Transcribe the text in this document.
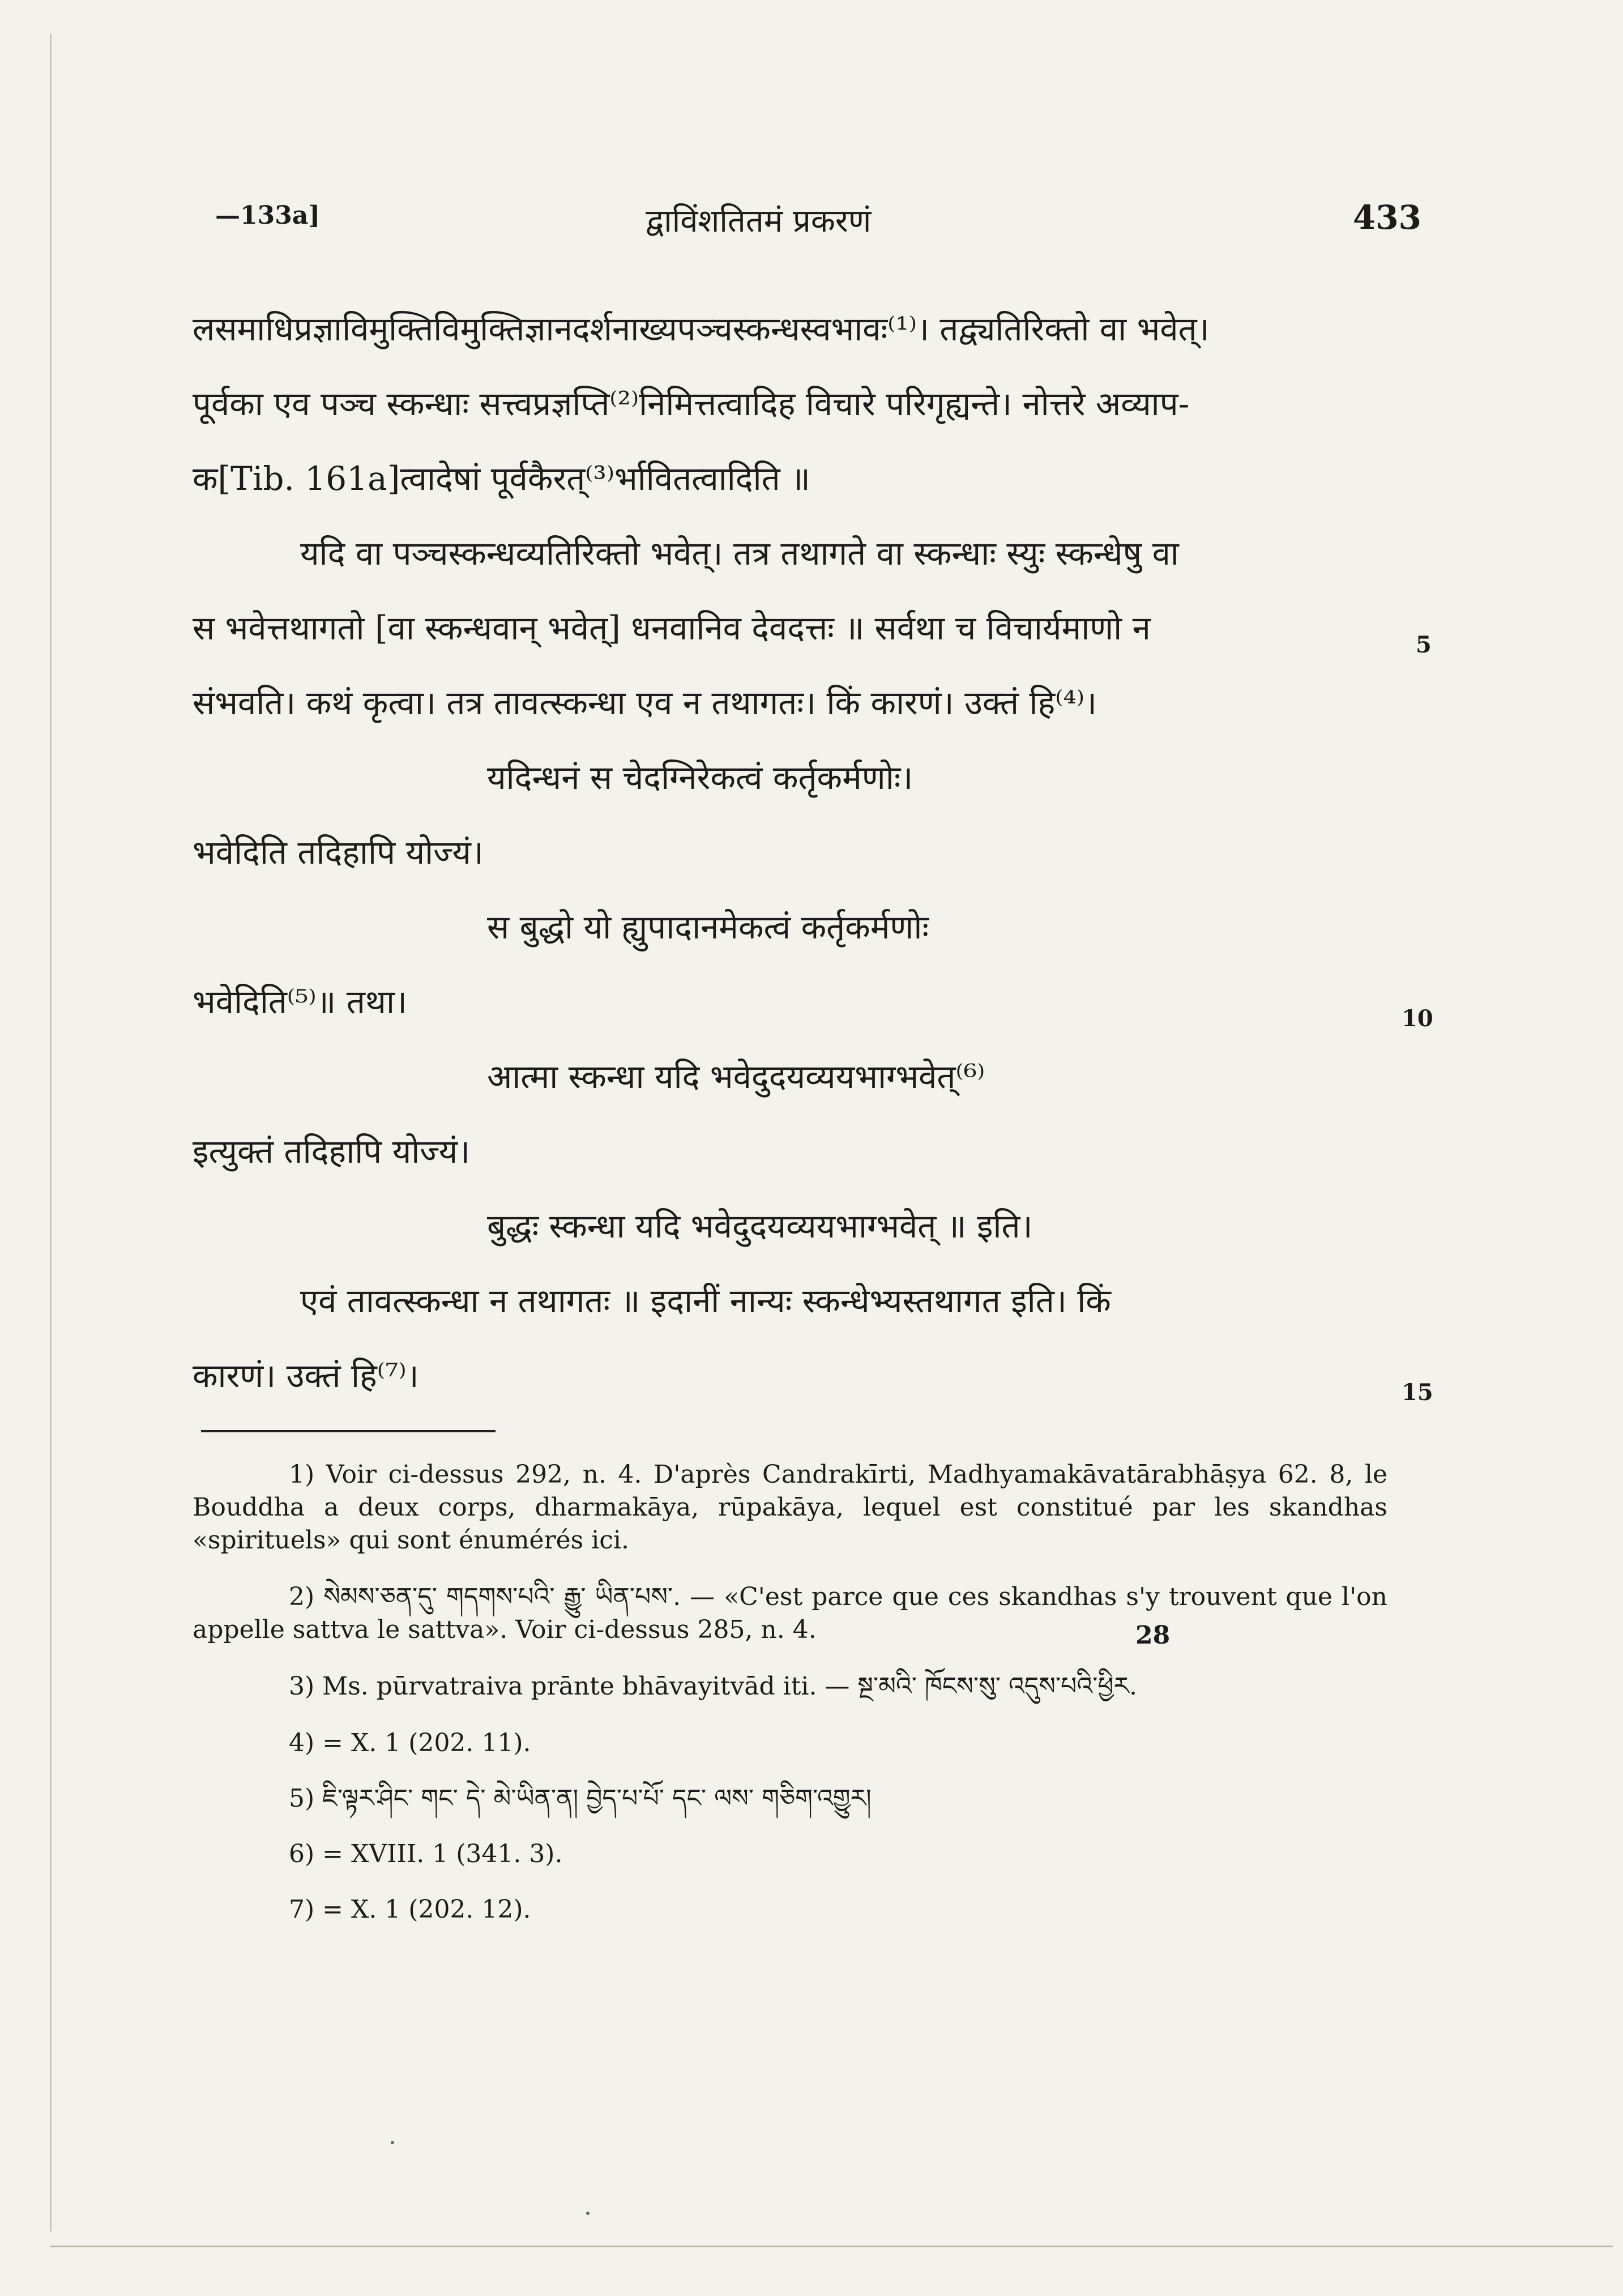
—133a]	द्वाविंशतितमं प्रकरणं	433
लसमाधिप्रज्ञाविमुक्तिविमुक्तिज्ञानदर्शनाख्यपञ्चस्कन्धस्वभावः⁽¹⁾। तद्व्यतिरिक्तो वा भवेत्।
पूर्वका एव पञ्च स्कन्धाः सत्त्वप्रज्ञप्ति⁽²⁾निमित्तत्वादिह विचारे परिगृह्यन्ते। नोत्तरे अव्याप-
क[Tib. 161a]त्वादेषां पूर्वकैरत्⁽³⁾र्भावितत्वादिति ॥
यदि वा पञ्चस्कन्धव्यतिरिक्तो भवेत्। तत्र तथागते वा स्कन्धाः स्युः स्कन्धेषु वा
स भवेत्तथागतो [वा स्कन्धवान् भवेत्] धनवानिव देवदत्तः ॥ सर्वथा च विचार्यमाणो न
संभवति। कथं कृत्वा। तत्र तावत्स्कन्धा एव न तथागतः। किं कारणं। उक्तं हि⁽⁴⁾।
यदिन्धनं स चेदग्निरेकत्वं कर्तृकर्मणोः।
भवेदिति तदिहापि योज्यं।
स बुद्धो यो ह्युपादानमेकत्वं कर्तृकर्मणोः
भवेदिति⁽⁵⁾॥ तथा।
आत्मा स्कन्धा यदि भवेदुदयव्ययभाग्भवेत्⁽⁶⁾
इत्युक्तं तदिहापि योज्यं।
बुद्धः स्कन्धा यदि भवेदुदयव्ययभाग्भवेत् ॥ इति।
एवं तावत्स्कन्धा न तथागतः ॥ इदानीं नान्यः स्कन्धेभ्यस्तथागत इति। किं
कारणं। उक्तं हि⁽⁷⁾।
5
10
15
1) Voir ci-dessus 292, n. 4. D'après Candrakīrti, Madhyamakāvatārabhāṣya 62. 8, le Bouddha a deux corps, dharmakāya, rūpakāya, lequel est constitué par les skandhas «spirituels» qui sont énumérés ici.
2) སེམས་ཅན་དུ་ གདགས་པའི་ རྒྱུ་ ཡིན་པས་. — «C'est parce que ces skandhas s'y trouvent que l'on appelle sattva le sattva». Voir ci-dessus 285, n. 4.
3) Ms. pūrvatraiva prānte bhāvayitvād iti. — སྔ་མའི་ ཁོངས་སུ་ འདུས་པའི་ཕྱིར.
4) = X. 1 (202. 11).
5) ཇི་ལྟར་ཤིང་ གང་ དེ་ མེ་ཡིན་ན། བྱེད་པ་པོ་ དང་ ལས་ གཅིག་འགྱུར།
6) = XVIII. 1 (341. 3).
7) = X. 1 (202. 12).
28
